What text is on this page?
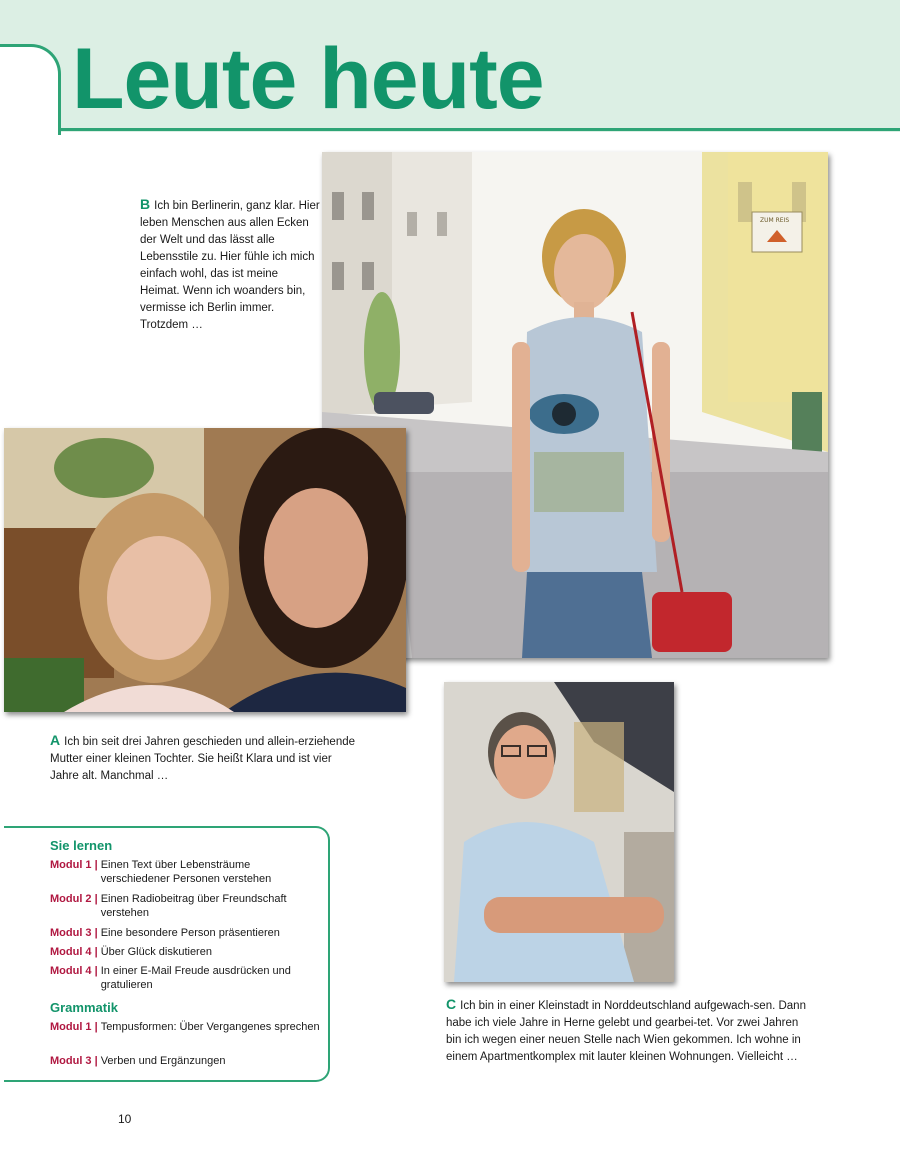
Leute heute
ZUM REIS
B Ich bin Berlinerin, ganz klar. Hier leben Menschen aus allen Ecken der Welt und das lässt alle Lebensstile zu. Hier fühle ich mich einfach wohl, das ist meine Heimat. Wenn ich woanders bin, vermisse ich Berlin immer. Trotzdem …
A Ich bin seit drei Jahren geschieden und allein-erziehende Mutter einer kleinen Tochter. Sie heißt Klara und ist vier Jahre alt. Manchmal …
C Ich bin in einer Kleinstadt in Norddeutschland aufgewach-sen. Dann habe ich viele Jahre in Herne gelebt und gearbei-tet. Vor zwei Jahren bin ich wegen einer neuen Stelle nach Wien gekommen. Ich wohne in einem Apartmentkomplex mit lauter kleinen Wohnungen. Vielleicht …
Sie lernen
Modul 1 | Einen Text über Lebensträume verschiedener Personen verstehen
Modul 2 | Einen Radiobeitrag über Freundschaft verstehen
Modul 3 | Eine besondere Person präsentieren
Modul 4 | Über Glück diskutieren
Modul 4 | In einer E-Mail Freude ausdrücken und gratulieren
Grammatik
Modul 1 | Tempusformen: Über Vergangenes sprechen
Modul 3 | Verben und Ergänzungen
10
